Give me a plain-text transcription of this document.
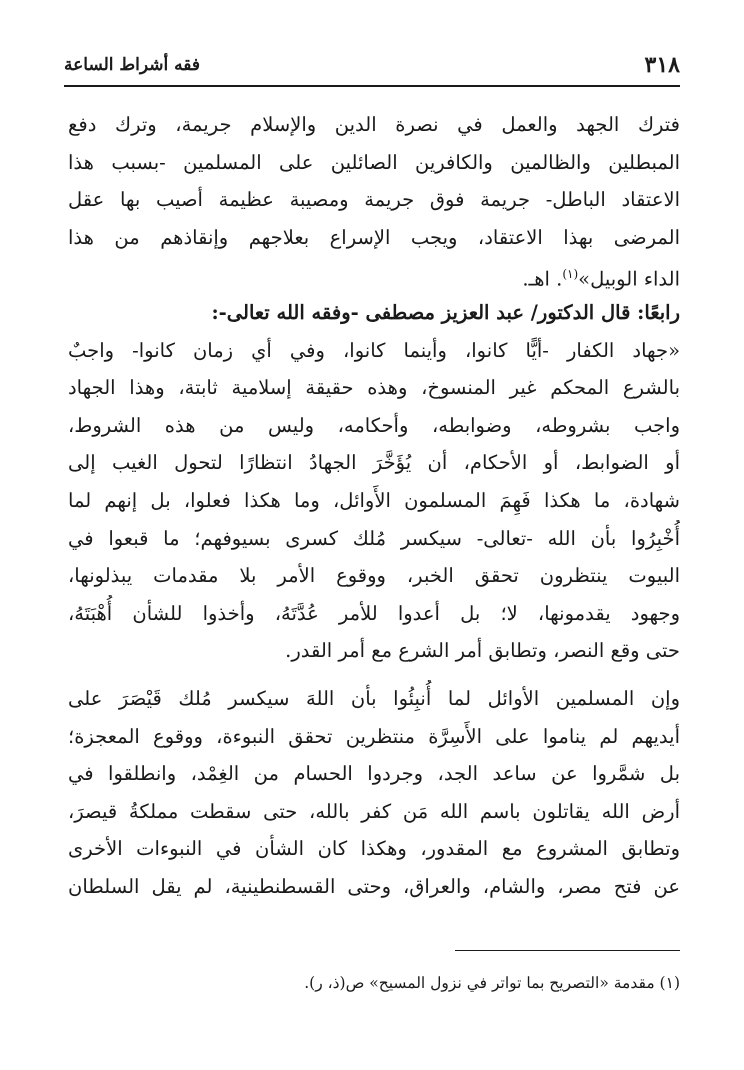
٣١٨
فقه أشراط الساعة
فترك الجهد والعمل في نصرة الدين والإسلام جريمة، وترك دفع
المبطلين والظالمين والكافرين الصائلين على المسلمين -بسبب هذا
الاعتقاد الباطل- جريمة فوق جريمة ومصيبة عظيمة أصيب بها عقل
المرضى بهذا الاعتقاد، ويجب الإسراع بعلاجهم وإنقاذهم من هذا
الداء الوبيل»$^{(١)}$. اهـ.
رابعًا: قال الدكتور/ عبد العزيز مصطفى -وفقه الله تعالى-:
«جهاد الكفار -أيًّا كانوا، وأينما كانوا، وفي أي زمان كانوا- واجبٌ
بالشرع المحكم غير المنسوخ، وهذه حقيقة إسلامية ثابتة، وهذا الجهاد
واجب بشروطه، وضوابطه، وأحكامه، وليس من هذه الشروط،
أو الضوابط، أو الأحكام، أن يُؤَخَّرَ الجهادُ انتظارًا لتحول الغيب إلى
شهادة، ما هكذا فَهِمَ المسلمون الأَوائل، وما هكذا فعلوا، بل إنهم لما
أُخْبِرُوا بأن الله -تعالى- سيكسر مُلك كسرى بسيوفهم؛ ما قبعوا في
البيوت ينتظرون تحقق الخبر، ووقوع الأمر بلا مقدمات يبذلونها،
وجهود يقدمونها، لا؛ بل أعدوا للأمر عُدَّتَهُ، وأخذوا للشأن أُهْبَتَهُ،
حتى وقع النصر، وتطابق أمر الشرع مع أمر القدر.
وإن المسلمين الأوائل لما أُنبِئُوا بأن اللهَ سيكسر مُلك قَيْصَرَ على
أيديهم لم يناموا على الأَسِرَّة منتظرين تحقق النبوءة، ووقوع المعجزة؛
بل شمَّروا عن ساعد الجد، وجردوا الحسام من الغِمْد، وانطلقوا في
أرض الله يقاتلون باسم الله مَن كفر بالله، حتى سقطت مملكةُ قيصرَ،
وتطابق المشروع مع المقدور، وهكذا كان الشأن في النبوءات الأخرى
عن فتح مصر، والشام، والعراق، وحتى القسطنطينية، لم يقل السلطان
(١) مقدمة «التصريح بما تواتر في نزول المسيح» ص(ذ، ر).
